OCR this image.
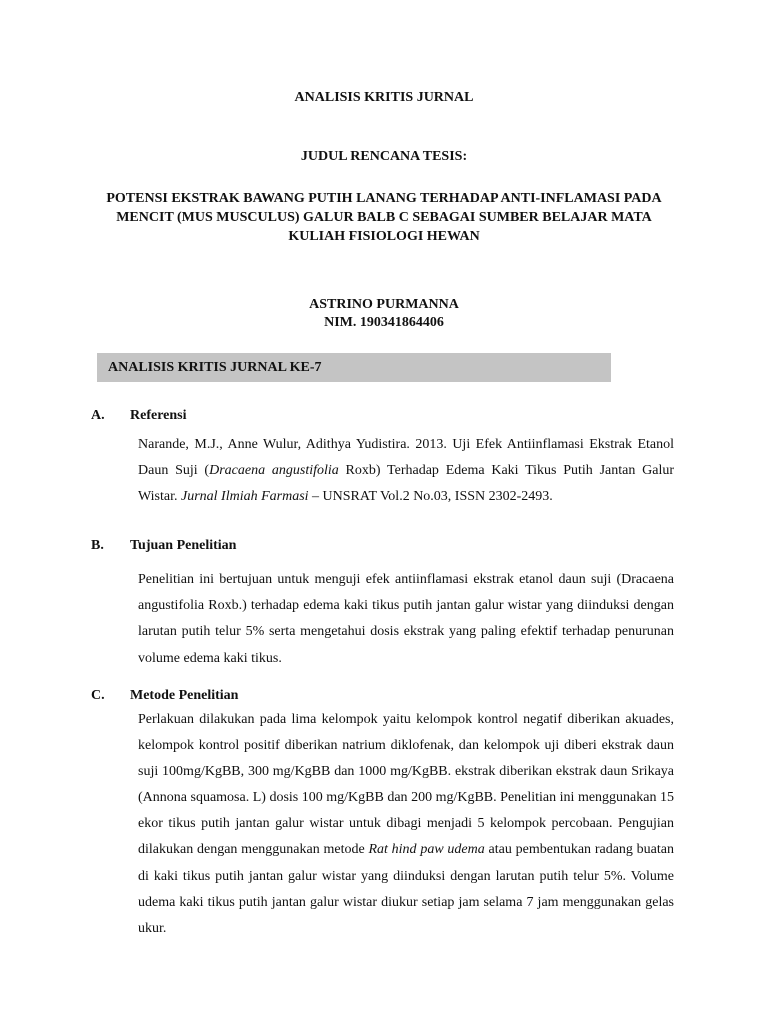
ANALISIS KRITIS JURNAL
JUDUL RENCANA TESIS:
POTENSI EKSTRAK BAWANG PUTIH LANANG TERHADAP ANTI-INFLAMASI PADA MENCIT (MUS MUSCULUS) GALUR BALB C SEBAGAI SUMBER BELAJAR MATA KULIAH FISIOLOGI HEWAN
ASTRINO PURMANNA
NIM. 190341864406
ANALISIS KRITIS JURNAL KE-7
A. Referensi

Narande, M.J., Anne Wulur, Adithya Yudistira. 2013. Uji Efek Antiinflamasi Ekstrak Etanol Daun Suji (Dracaena angustifolia Roxb) Terhadap Edema Kaki Tikus Putih Jantan Galur Wistar. Jurnal Ilmiah Farmasi – UNSRAT Vol.2 No.03, ISSN 2302-2493.

B. Tujuan Penelitian

Penelitian ini bertujuan untuk menguji efek antiinflamasi ekstrak etanol daun suji (Dracaena angustifolia Roxb.) terhadap edema kaki tikus putih jantan galur wistar yang diinduksi dengan larutan putih telur 5% serta mengetahui dosis ekstrak yang paling efektif terhadap penurunan volume edema kaki tikus.

C. Metode Penelitian

Perlakuan dilakukan pada lima kelompok yaitu kelompok kontrol negatif diberikan akuades, kelompok kontrol positif diberikan natrium diklofenak, dan kelompok uji diberi ekstrak daun suji 100mg/KgBB, 300 mg/KgBB dan 1000 mg/KgBB. ekstrak diberikan ekstrak daun Srikaya (Annona squamosa. L) dosis 100 mg/KgBB dan 200 mg/KgBB. Penelitian ini menggunakan 15 ekor tikus putih jantan galur wistar untuk dibagi menjadi 5 kelompok percobaan. Pengujian dilakukan dengan menggunakan metode Rat hind paw udema atau pembentukan radang buatan di kaki tikus putih jantan galur wistar yang diinduksi dengan larutan putih telur 5%. Volume udema kaki tikus putih jantan galur wistar diukur setiap jam selama 7 jam menggunakan gelas ukur.
